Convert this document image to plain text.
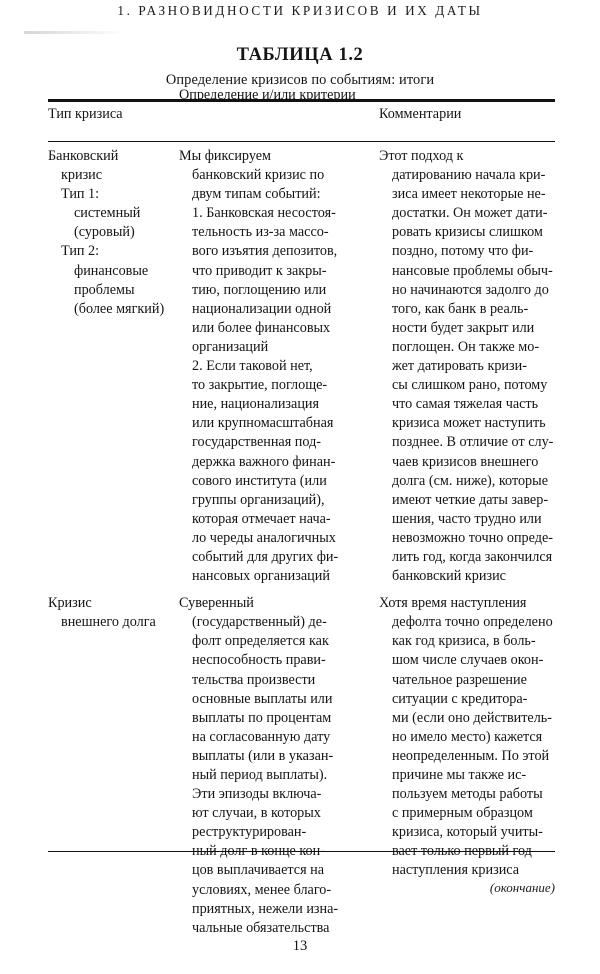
1. РАЗНОВИДНОСТИ КРИЗИСОВ И ИХ ДАТЫ
ТАБЛИЦА 1.2
Определение кризисов по событиям: итоги
Тип кризиса
Определение и/или критерии
Комментарии
Банковский
кризис
Тип 1:
системный
(суровый)
Тип 2:
финансовые
проблемы
(более мягкий)
Мы фиксируем
банковский кризис по
двум типам событий:
1. Банковская несостоя-
тельность из-за массо-
вого изъятия депозитов,
что приводит к закры-
тию, поглощению или
национализации одной
или более финансовых
организаций
2. Если таковой нет,
то закрытие, поглоще-
ние, национализация
или крупномасштабная
государственная под-
держка важного финан-
сового института (или
группы организаций),
которая отмечает нача-
ло череды аналогичных
событий для других фи-
нансовых организаций
Этот подход к
датированию начала кри-
зиса имеет некоторые не-
достатки. Он может дати-
ровать кризисы слишком
поздно, потому что фи-
нансовые проблемы обыч-
но начинаются задолго до
того, как банк в реаль-
ности будет закрыт или
поглощен. Он также мо-
жет датировать кризи-
сы слишком рано, потому
что самая тяжелая часть
кризиса может наступить
позднее. В отличие от слу-
чаев кризисов внешнего
долга (см. ниже), которые
имеют четкие даты завер-
шения, часто трудно или
невозможно точно опреде-
лить год, когда закончился
банковский кризис
Кризис
внешнего долга
Суверенный
(государственный) де-
фолт определяется как
неспособность прави-
тельства произвести
основные выплаты или
выплаты по процентам
на согласованную дату
выплаты (или в указан-
ный период выплаты).
Эти эпизоды включа-
ют случаи, в которых
реструктурирован-
ный долг в конце кон-
цов выплачивается на
условиях, менее благо-
приятных, нежели изна-
чальные обязательства
Хотя время наступления
дефолта точно определено
как год кризиса, в боль-
шом числе случаев окон-
чательное разрешение
ситуации с кредитора-
ми (если оно действитель-
но имело место) кажется
неопределенным. По этой
причине мы также ис-
пользуем методы работы
с примерным образцом
кризиса, который учиты-
вает только первый год
наступления кризиса
(окончание)
13
